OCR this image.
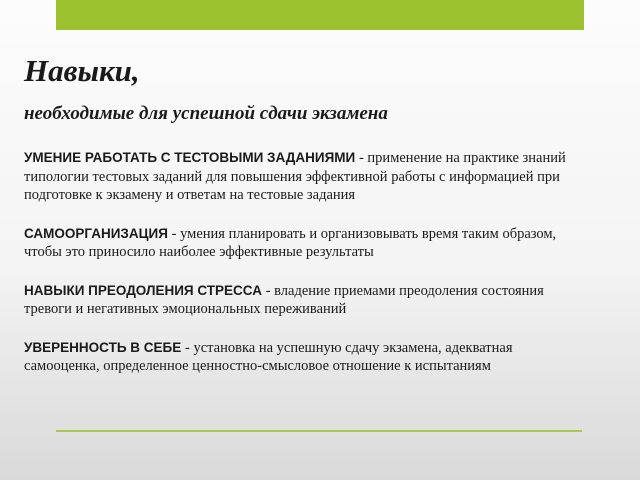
Навыки,
необходимые для успешной сдачи экзамена

УМЕНИЕ РАБОТАТЬ С ТЕСТОВЫМИ ЗАДАНИЯМИ - применение на практике знаний типологии тестовых заданий для повышения эффективной работы с информацией при подготовке к экзамену и ответам на тестовые задания

САМООРГАНИЗАЦИЯ - умения планировать и организовывать время таким образом, чтобы это приносило наиболее эффективные результаты

НАВЫКИ ПРЕОДОЛЕНИЯ СТРЕССА - владение приемами преодоления состояния тревоги и негативных эмоциональных переживаний

УВЕРЕННОСТЬ В СЕБЕ - установка на успешную сдачу экзамена, адекватная самооценка, определенное ценностно-смысловое отношение к испытаниям
